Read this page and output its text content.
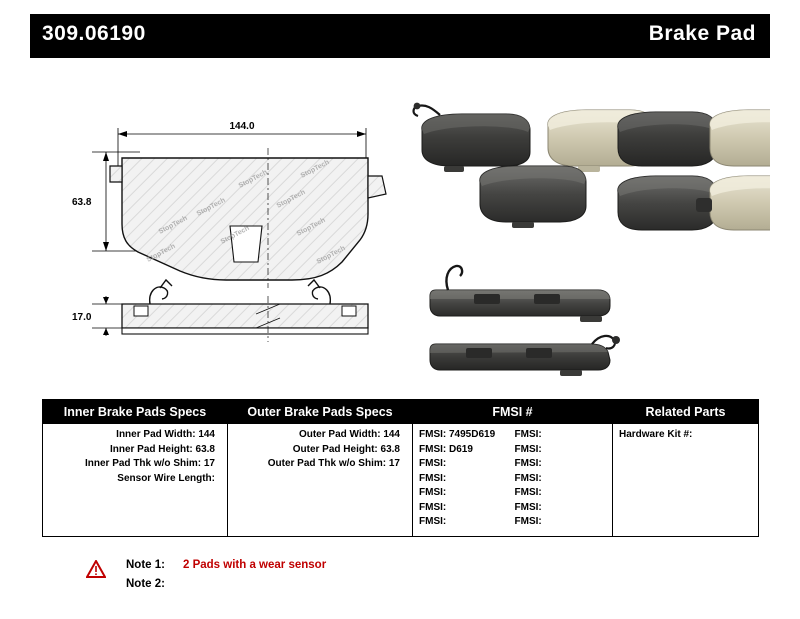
309.06190	Brake Pad
144.0
63.8
StopTech
StopTech
StopTech
StopTech
StopTech
StopTech
StopTech
StopTech	StopTech
17.0
Inner Brake Pads Specs	Outer Brake Pads Specs	FMSI #	Related Parts

Inner Pad Width: 144
Inner Pad Height: 63.8
Inner Pad Thk w/o Shim: 17
Sensor Wire Length:

Outer Pad Width: 144
Outer Pad Height: 63.8
Outer Pad Thk w/o Shim: 17

FMSI: 7495D619	FMSI:
FMSI: D619	FMSI:
FMSI:	FMSI:
FMSI:	FMSI:
FMSI:	FMSI:
FMSI:	FMSI:
FMSI:	FMSI:

Hardware Kit #:
Note 1: 2 Pads with a wear sensor
Note 2:
